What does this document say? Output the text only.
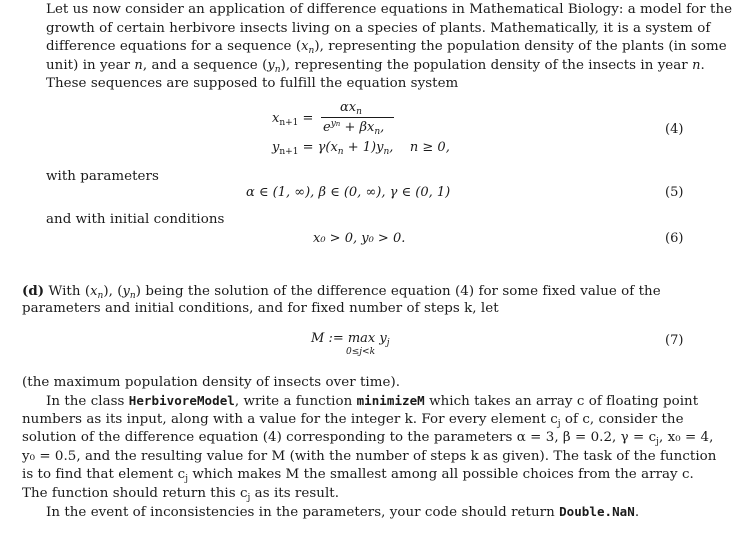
Let us now consider an application of difference equations in Mathematical Biology: a model for the
growth of certain herbivore insects living on a species of plants. Mathematically, it is a system of
difference equations for a sequence $(x_n)$, representing the population density of the plants (in some
unit) in year n, and a sequence $(y_n)$, representing the population density of the insects in year n.
These sequences are supposed to fulfill the equation system
$x_{n+1}$ =
$\alpha x_n$
$e^{yn} + \beta x_n$,	(4)
$y_{n+1} = \gamma(x_n + 1)y_n$,    n ≥ 0,
with parameters
α ∈ (1, ∞), β ∈ (0, ∞), γ ∈ (0, 1)	(5)
and with initial conditions
x₀ > 0, y₀ > 0.	(6)
(d) With $(x_n)$, $(y_n)$ being the solution of the difference equation (4) for some fixed value of the
parameters and initial conditions, and for fixed number of steps k, let
M := $\max y_j$
0≤j<k
(7)
(the maximum population density of insects over time).
In the class HerbivoreModel, write a function minimizeM which takes an array c of floating point
numbers as its input, along with a value for the integer k. For every element $c_j$ of c, consider the
solution of the difference equation (4) corresponding to the parameters α = 3, β = 0.2, $\gamma = c_j$, x₀ = 4,
y₀ = 0.5, and the resulting value for M (with the number of steps k as given). The task of the function
is to find that element $c_j$ which makes M the smallest among all possible choices from the array c.
The function should return this $c_j$ as its result.
In the event of inconsistencies in the parameters, your code should return Double.NaN.
